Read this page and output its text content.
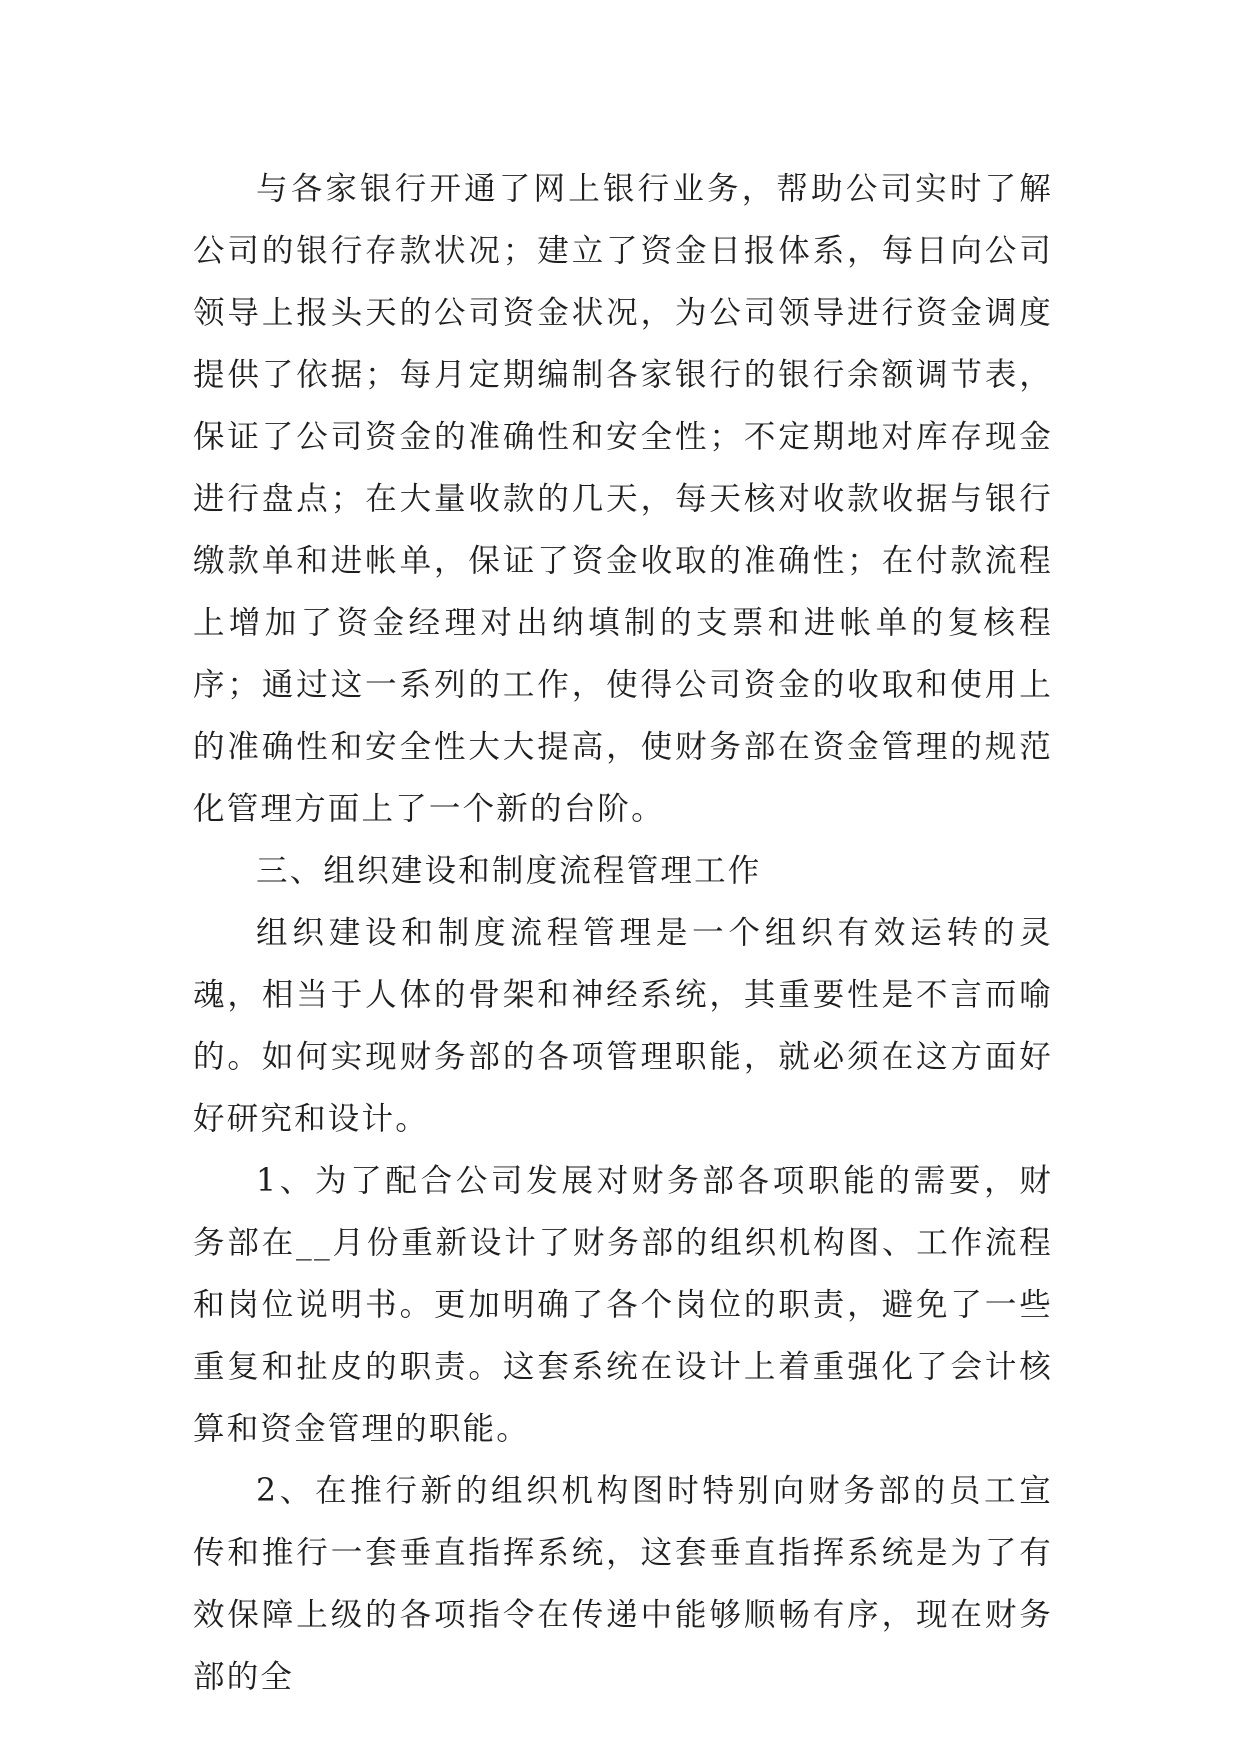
与各家银行开通了网上银行业务，帮助公司实时了解公司的银行存款状况；建立了资金日报体系，每日向公司领导上报头天的公司资金状况，为公司领导进行资金调度提供了依据；每月定期编制各家银行的银行余额调节表，保证了公司资金的准确性和安全性；不定期地对库存现金进行盘点；在大量收款的几天，每天核对收款收据与银行缴款单和进帐单，保证了资金收取的准确性；在付款流程上增加了资金经理对出纳填制的支票和进帐单的复核程序；通过这一系列的工作，使得公司资金的收取和使用上的准确性和安全性大大提高，使财务部在资金管理的规范化管理方面上了一个新的台阶。

三、组织建设和制度流程管理工作

组织建设和制度流程管理是一个组织有效运转的灵魂，相当于人体的骨架和神经系统，其重要性是不言而喻的。如何实现财务部的各项管理职能，就必须在这方面好好研究和设计。

1、为了配合公司发展对财务部各项职能的需要，财务部在__月份重新设计了财务部的组织机构图、工作流程和岗位说明书。更加明确了各个岗位的职责，避免了一些重复和扯皮的职责。这套系统在设计上着重强化了会计核算和资金管理的职能。

2、在推行新的组织机构图时特别向财务部的员工宣传和推行一套垂直指挥系统，这套垂直指挥系统是为了有效保障上级的各项指令在传递中能够顺畅有序，现在财务部的全
